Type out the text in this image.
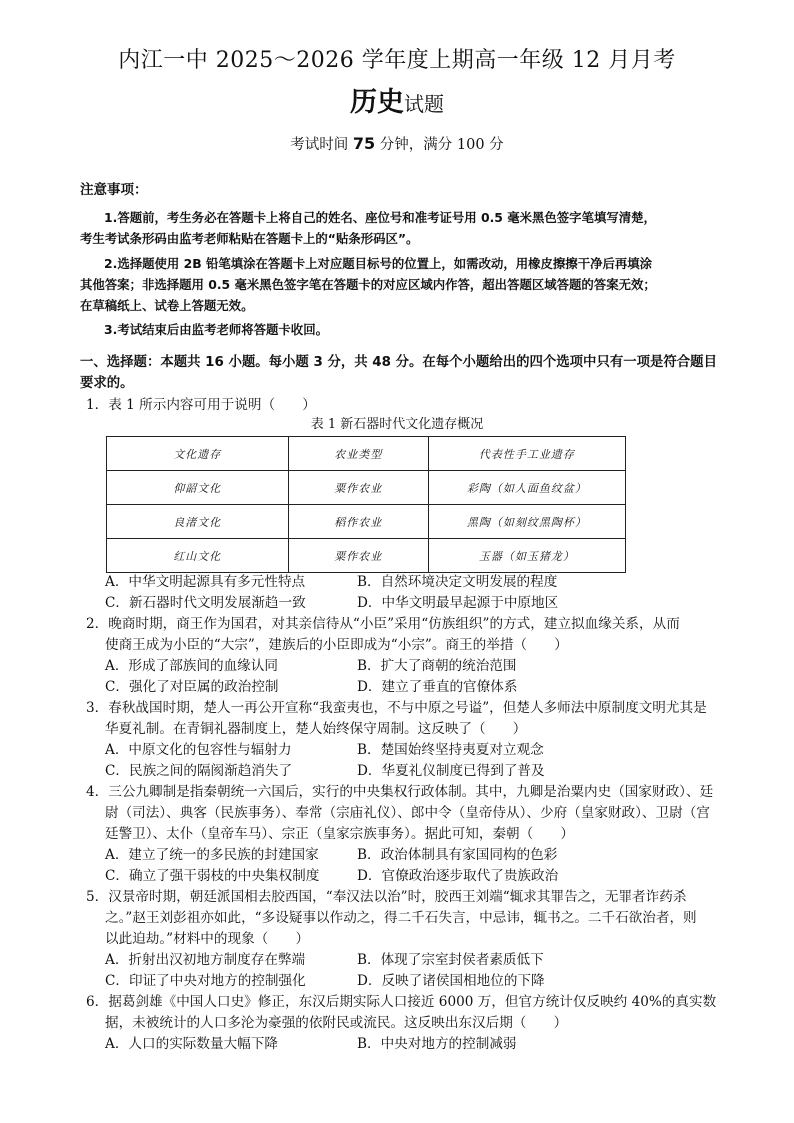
内江一中 2025～2026 学年度上期高一年级 12 月月考
历史试题
考试时间 75 分钟，满分 100 分
注意事项：
1.答题前，考生务必在答题卡上将自己的姓名、座位号和准考证号用 0.5 毫米黑色签字笔填写清楚，
考生考试条形码由监考老师粘贴在答题卡上的“贴条形码区”。
2.选择题使用 2B 铅笔填涂在答题卡上对应题目标号的位置上，如需改动，用橡皮擦擦干净后再填涂
其他答案；非选择题用 0.5 毫米黑色签字笔在答题卡的对应区域内作答，超出答题区域答题的答案无效；
在草稿纸上、试卷上答题无效。
3.考试结束后由监考老师将答题卡收回。
一、选择题：本题共 16 小题。每小题 3 分，共 48 分。在每个小题给出的四个选项中只有一项是符合题目
要求的。
1．表 1 所示内容可用于说明（　　）
表 1 新石器时代文化遗存概况
文化遗存	农业类型	代表性手工业遗存
仰韶文化	粟作农业	彩陶（如人面鱼纹盆）
良渚文化	稻作农业	黑陶（如刻纹黑陶杯）
红山文化	粟作农业	玉器（如玉猪龙）
A．中华文明起源具有多元性特点	B．自然环境决定文明发展的程度
C．新石器时代文明发展渐趋一致	D．中华文明最早起源于中原地区
2．晚商时期，商王作为国君，对其亲信待从“小臣”采用“仿族组织”的方式，建立拟血缘关系，从而
使商王成为小臣的“大宗”，建族后的小臣即成为“小宗”。商王的举措（　　）
A．形成了部族间的血缘认同	B．扩大了商朝的统治范围
C．强化了对臣属的政治控制	D．建立了垂直的官僚体系
3．春秋战国时期，楚人一再公开宣称“我蛮夷也，不与中原之号谥”，但楚人多师法中原制度文明尤其是
华夏礼制。在青铜礼器制度上，楚人始终保守周制。这反映了（　　）
A．中原文化的包容性与辐射力	B．楚国始终坚持夷夏对立观念
C．民族之间的隔阂渐趋消失了	D．华夏礼仪制度已得到了普及
4．三公九卿制是指秦朝统一六国后，实行的中央集权行政体制。其中，九卿是治粟内史（国家财政）、廷
尉（司法）、典客（民族事务）、奉常（宗庙礼仪）、郎中令（皇帝侍从）、少府（皇家财政）、卫尉（宫
廷警卫）、太仆（皇帝车马）、宗正（皇家宗族事务）。据此可知，秦朝（　　）
A．建立了统一的多民族的封建国家	B．政治体制具有家国同构的色彩
C．确立了强干弱枝的中央集权制度	D．官僚政治逐步取代了贵族政治
5．汉景帝时期，朝廷派国相去胶西国，“奉汉法以治”时，胶西王刘端“辄求其罪告之，无罪者诈药杀
之。”赵王刘彭祖亦如此，“多设疑事以作动之，得二千石失言，中忌讳，辄书之。二千石欲治者，则
以此迫劫。”材料中的现象（　　）
A．折射出汉初地方制度存在弊端	B．体现了宗室封侯者素质低下
C．印证了中央对地方的控制强化	D．反映了诸侯国相地位的下降
6．据葛剑雄《中国人口史》修正，东汉后期实际人口接近 6000 万，但官方统计仅反映约 40%的真实数
据，未被统计的人口多沦为豪强的依附民或流民。这反映出东汉后期（　　）
A．人口的实际数量大幅下降	B．中央对地方的控制减弱
